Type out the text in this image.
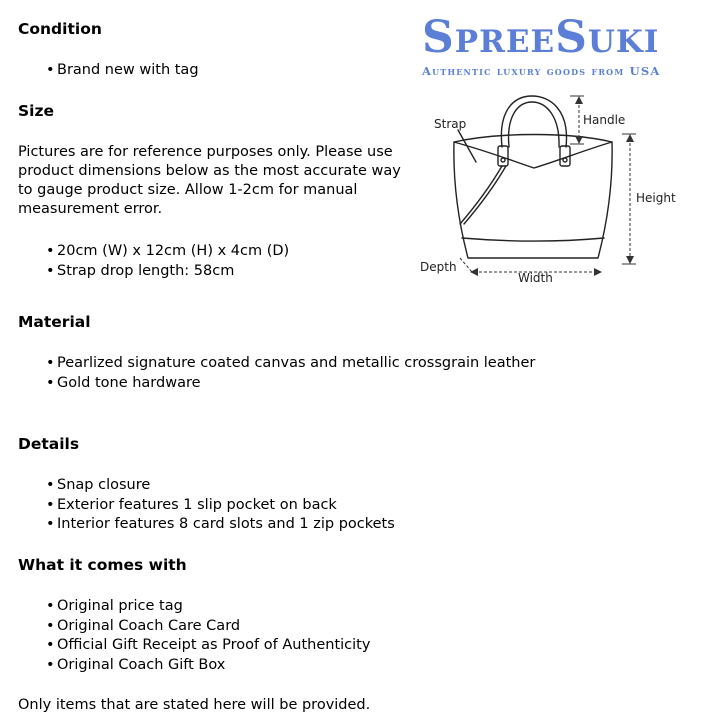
SpreeSuki
Authentic luxury goods from USA
Condition
• Brand new with tag
Size

Pictures are for reference purposes only. Please use product dimensions below as the most accurate way to gauge product size. Allow 1-2cm for manual measurement error.

• 20cm (W) x 12cm (H) x 4cm (D)
• Strap drop length: 58cm
Strap	Handle
Height
Depth
Width
Material
• Pearlized signature coated canvas and metallic crossgrain leather
• Gold tone hardware
Details
• Snap closure
• Exterior features 1 slip pocket on back
• Interior features 8 card slots and 1 zip pockets
What it comes with
• Original price tag
• Original Coach Care Card
• Official Gift Receipt as Proof of Authenticity
• Original Coach Gift Box

Only items that are stated here will be provided.
